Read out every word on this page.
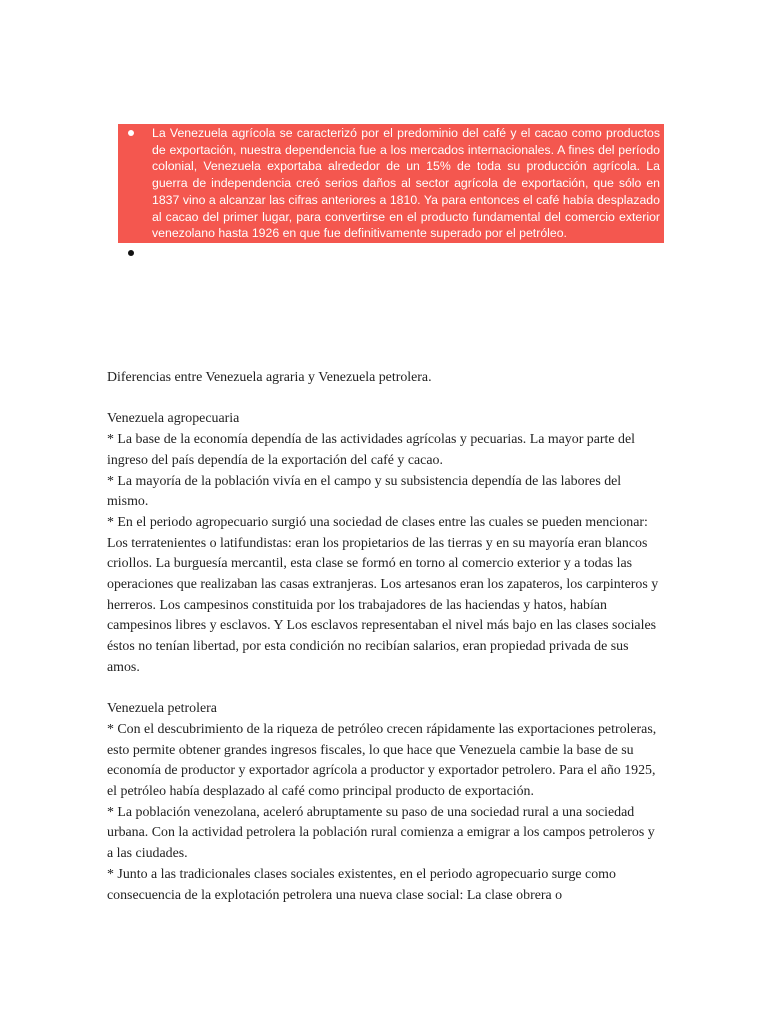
La Venezuela agrícola se caracterizó por el predominio del café y el cacao como productos de exportación, nuestra dependencia fue a los mercados internacionales. A fines del período colonial, Venezuela exportaba alrededor de un 15% de toda su producción agrícola. La guerra de independencia creó serios daños al sector agrícola de exportación, que sólo en 1837 vino a alcanzar las cifras anteriores a 1810. Ya para entonces el café había desplazado al cacao del primer lugar, para convertirse en el producto fundamental del comercio exterior venezolano hasta 1926 en que fue definitivamente superado por el petróleo.

Diferencias entre Venezuela agraria y Venezuela petrolera.

Venezuela agropecuaria

* La base de la economía dependía de las actividades agrícolas y pecuarias. La mayor parte del ingreso del país dependía de la exportación del café y cacao.

* La mayoría de la población vivía en el campo y su subsistencia dependía de las labores del mismo.

* En el periodo agropecuario surgió una sociedad de clases entre las cuales se pueden mencionar: Los terratenientes o latifundistas: eran los propietarios de las tierras y en su mayoría eran blancos criollos. La burguesía mercantil, esta clase se formó en torno al comercio exterior y a todas las operaciones que realizaban las casas extranjeras. Los artesanos eran los zapateros, los carpinteros y herreros. Los campesinos constituida por los trabajadores de las haciendas y hatos, habían campesinos libres y esclavos. Y Los esclavos representaban el nivel más bajo en las clases sociales éstos no tenían libertad, por esta condición no recibían salarios, eran propiedad privada de sus amos.

Venezuela petrolera

* Con el descubrimiento de la riqueza de petróleo crecen rápidamente las exportaciones petroleras, esto permite obtener grandes ingresos fiscales, lo que hace que Venezuela cambie la base de su economía de productor y exportador agrícola a productor y exportador petrolero. Para el año 1925, el petróleo había desplazado al café como principal producto de exportación.

* La población venezolana, aceleró abruptamente su paso de una sociedad rural a una sociedad urbana. Con la actividad petrolera la población rural comienza a emigrar a los campos petroleros y a las ciudades.

* Junto a las tradicionales clases sociales existentes, en el periodo agropecuario surge como consecuencia de la explotación petrolera una nueva clase social: La clase obrera o
